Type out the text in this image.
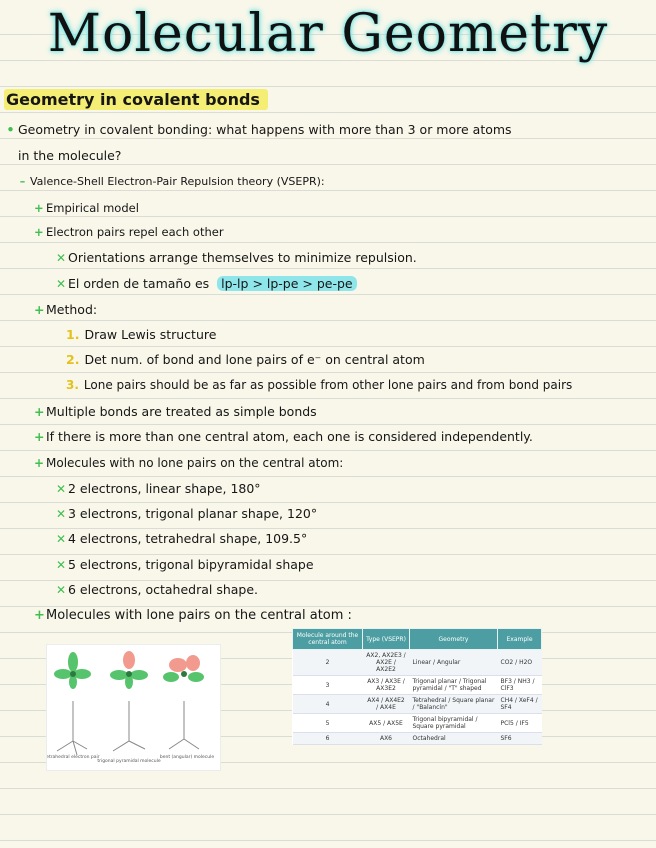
Molecular Geometry
Geometry in covalent bonds
• Geometry in covalent bonding: what happens with more than 3 or more atoms
in the molecule?
– Valence-Shell Electron-Pair Repulsion theory (VSEPR):
+ Empirical model
+ Electron pairs repel each other
✕ Orientations arrange themselves to minimize repulsion.
✕ El orden de tamaño es lp-lp > lp-pe > pe-pe
+ Method:
1. Draw Lewis structure
2. Det num. of bond and lone pairs of e⁻ on central atom
3. Lone pairs should be as far as possible from other lone pairs and from bond pairs
+ Multiple bonds are treated as simple bonds
+ If there is more than one central atom, each one is considered independently.
+ Molecules with no lone pairs on the central atom:
✕ 2 electrons, linear shape, 180°
✕ 3 electrons, trigonal planar shape, 120°
✕ 4 electrons, tetrahedral shape, 109.5°
✕ 5 electrons, trigonal bipyramidal shape
✕ 6 electrons, octahedral shape.
+Molecules with lone pairs on the central atom :
tetrahedral electron pair
trigonal pyramidal molecule
bent (angular) molecule
Molecule around the central atom	Type (VSEPR)	Geometry	Example
2	AX2, AX2E3 / AX2E / AX2E2	Linear / Angular	CO2 / H2O
3	AX3 / AX3E / AX3E2	Trigonal planar / Trigonal pyramidal / "T" shaped	BF3 / NH3 / ClF3
4	AX4 / AX4E2 / AX4E	Tetrahedral / Square planar / "Balancín"	CH4 / XeF4 / SF4
5	AX5 / AX5E	Trigonal bipyramidal / Square pyramidal	PCl5 / IF5
6	AX6	Octahedral	SF6
